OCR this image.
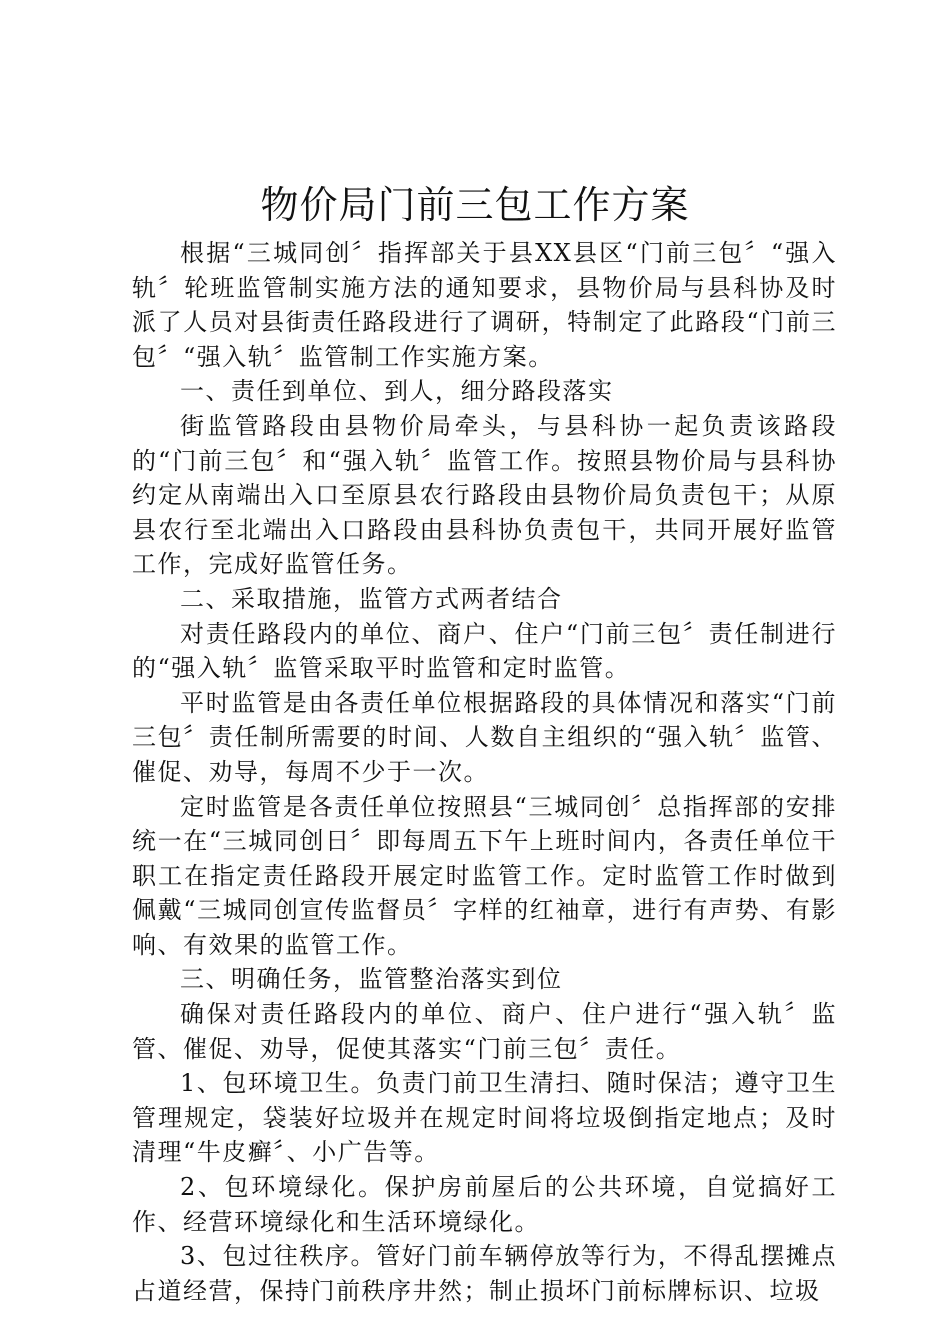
物价局门前三包工作方案

根据“三城同创〞指挥部关于县XX县区“门前三包〞“强入轨〞轮班监管制实施方法的通知要求，县物价局与县科协及时派了人员对县街责任路段进行了调研，特制定了此路段“门前三包〞“强入轨〞监管制工作实施方案。

一、责任到单位、到人，细分路段落实

街监管路段由县物价局牵头，与县科协一起负责该路段的“门前三包〞和“强入轨〞监管工作。按照县物价局与县科协约定从南端出入口至原县农行路段由县物价局负责包干；从原县农行至北端出入口路段由县科协负责包干，共同开展好监管工作，完成好监管任务。

二、采取措施，监管方式两者结合

对责任路段内的单位、商户、住户“门前三包〞责任制进行的“强入轨〞监管采取平时监管和定时监管。

平时监管是由各责任单位根据路段的具体情况和落实“门前三包〞责任制所需要的时间、人数自主组织的“强入轨〞监管、催促、劝导，每周不少于一次。

定时监管是各责任单位按照县“三城同创〞总指挥部的安排统一在“三城同创日〞即每周五下午上班时间内，各责任单位干职工在指定责任路段开展定时监管工作。定时监管工作时做到佩戴“三城同创宣传监督员〞字样的红袖章，进行有声势、有影响、有效果的监管工作。

三、明确任务，监管整治落实到位

确保对责任路段内的单位、商户、住户进行“强入轨〞监管、催促、劝导，促使其落实“门前三包〞责任。

1、包环境卫生。负责门前卫生清扫、随时保洁；遵守卫生管理规定，袋装好垃圾并在规定时间将垃圾倒指定地点；及时清理“牛皮癣〞、小广告等。

2、包环境绿化。保护房前屋后的公共环境，自觉搞好工作、经营环境绿化和生活环境绿化。

3、包过往秩序。管好门前车辆停放等行为，不得乱摆摊点占道经营，保持门前秩序井然；制止损坏门前标牌标识、垃圾
